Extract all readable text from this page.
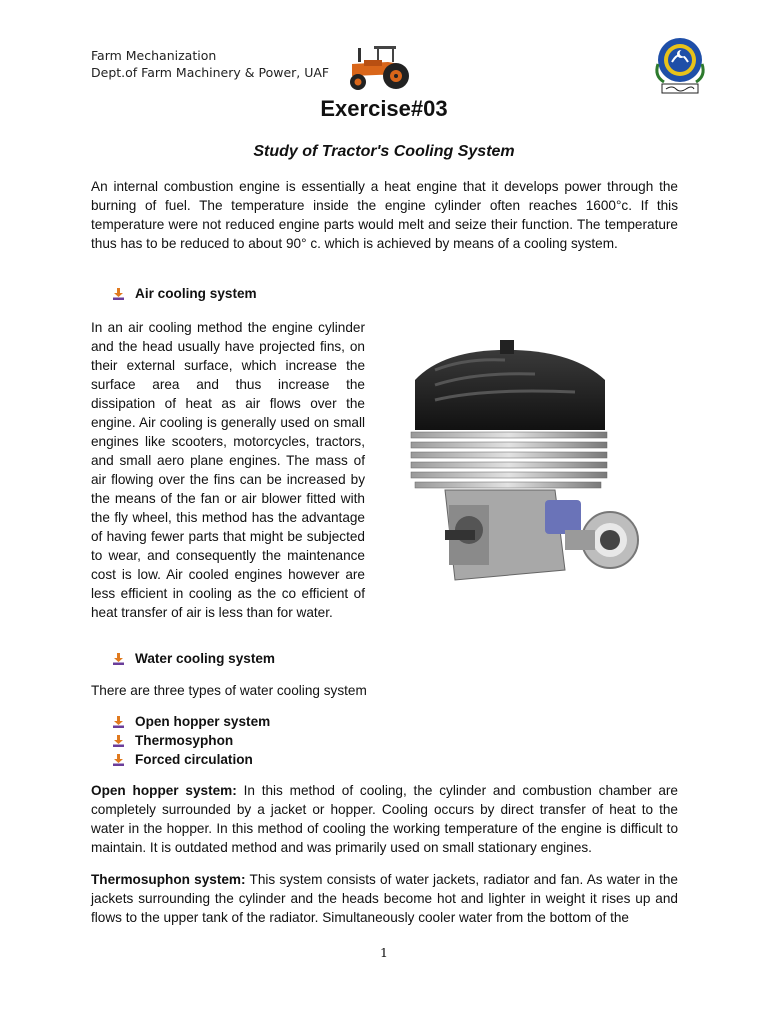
Farm Mechanization
Dept.of Farm Machinery & Power, UAF
Exercise#03
Study of Tractor's Cooling System

An internal combustion engine is essentially a heat engine that it develops power through the burning of fuel. The temperature inside the engine cylinder often reaches 1600°c. If this temperature were not reduced engine parts would melt and seize their function. The temperature thus has to be reduced to about 90° c. which is achieved by means of a cooling system.

Air cooling system

In an air cooling method the engine cylinder and the head usually have projected fins, on their external surface, which increase the surface area and thus increase the dissipation of heat as air flows over the engine. Air cooling is generally used on small engines like scooters, motorcycles, tractors, and small aero plane engines. The mass of air flowing over the fins can be increased by the means of the fan or air blower fitted with the fly wheel, this method has the advantage of having fewer parts that might be subjected to wear, and consequently the maintenance cost is low. Air cooled engines however are less efficient in cooling as the co efficient of heat transfer of air is less than for water.

Water cooling system

There are three types of water cooling system

Open hopper system
Thermosyphon
Forced circulation

Open hopper system: In this method of cooling, the cylinder and combustion chamber are completely surrounded by a jacket or hopper. Cooling occurs by direct transfer of heat to the water in the hopper. In this method of cooling the working temperature of the engine is difficult to maintain. It is outdated method and was primarily used on small stationary engines.

Thermosuphon system: This system consists of water jackets, radiator and fan. As water in the jackets surrounding the cylinder and the heads become hot and lighter in weight it rises up and flows to the upper tank of the radiator. Simultaneously cooler water from the bottom of the

1
